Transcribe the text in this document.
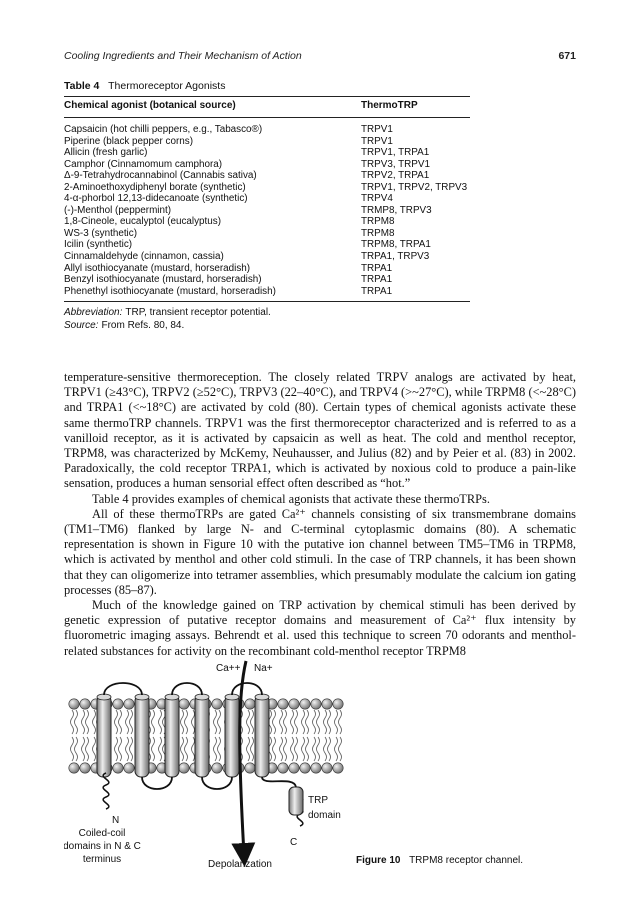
Cooling Ingredients and Their Mechanism of Action	671
Table 4 Thermoreceptor Agonists
Chemical agonist (botanical source)	ThermoTRP
Capsaicin (hot chilli peppers, e.g., Tabasco®)	TRPV1
Piperine (black pepper corns)	TRPV1
Allicin (fresh garlic)	TRPV1, TRPA1
Camphor (Cinnamomum camphora)	TRPV3, TRPV1
Δ-9-Tetrahydrocannabinol (Cannabis sativa)	TRPV2, TRPA1
2-Aminoethoxydiphenyl borate (synthetic)	TRPV1, TRPV2, TRPV3
4-α-phorbol 12,13-didecanoate (synthetic)	TRPV4
(-)-Menthol (peppermint)	TRMP8, TRPV3
1,8-Cineole, eucalyptol (eucalyptus)	TRPM8
WS-3 (synthetic)	TRPM8
Icilin (synthetic)	TRPM8, TRPA1
Cinnamaldehyde (cinnamon, cassia)	TRPA1, TRPV3
Allyl isothiocyanate (mustard, horseradish)	TRPA1
Benzyl isothiocyanate (mustard, horseradish)	TRPA1
Phenethyl isothiocyanate (mustard, horseradish)	TRPA1
Abbreviation: TRP, transient receptor potential.
Source: From Refs. 80, 84.

temperature-sensitive thermoreception. The closely related TRPV analogs are activated by heat, TRPV1 (≥43°C), TRPV2 (≥52°C), TRPV3 (22–40°C), and TRPV4 (>~27°C), while TRPM8 (<~28°C) and TRPA1 (<~18°C) are activated by cold (80). Certain types of chemical agonists activate these same thermoTRP channels. TRPV1 was the first thermoreceptor characterized and is referred to as a vanilloid receptor, as it is activated by capsaicin as well as heat. The cold and menthol receptor, TRPM8, was characterized by McKemy, Neuhausser, and Julius (82) and by Peier et al. (83) in 2002. Paradoxically, the cold receptor TRPA1, which is activated by noxious cold to produce a pain-like sensation, produces a human sensorial effect often described as “hot.”

Table 4 provides examples of chemical agonists that activate these thermoTRPs.

All of these thermoTRPs are gated Ca²⁺ channels consisting of six transmembrane domains (TM1–TM6) flanked by large N- and C-terminal cytoplasmic domains (80). A schematic representation is shown in Figure 10 with the putative ion channel between TM5–TM6 in TRPM8, which is activated by menthol and other cold stimuli. In the case of TRP channels, it has been shown that they can oligomerize into tetramer assemblies, which presumably modulate the calcium ion gating processes (85–87).

Much of the knowledge gained on TRP activation by chemical stimuli has been derived by genetic expression of putative receptor domains and measurement of Ca²⁺ flux intensity by fluorometric imaging assays. Behrendt et al. used this technique to screen 70 odorants and menthol-related substances for activity on the recombinant cold-menthol receptor TRPM8

Ca++ Na+
N
C
TRP
domain
Coiled-coil
domains in N & C
terminus	Depolarization	Figure 10 TRPM8 receptor channel.
